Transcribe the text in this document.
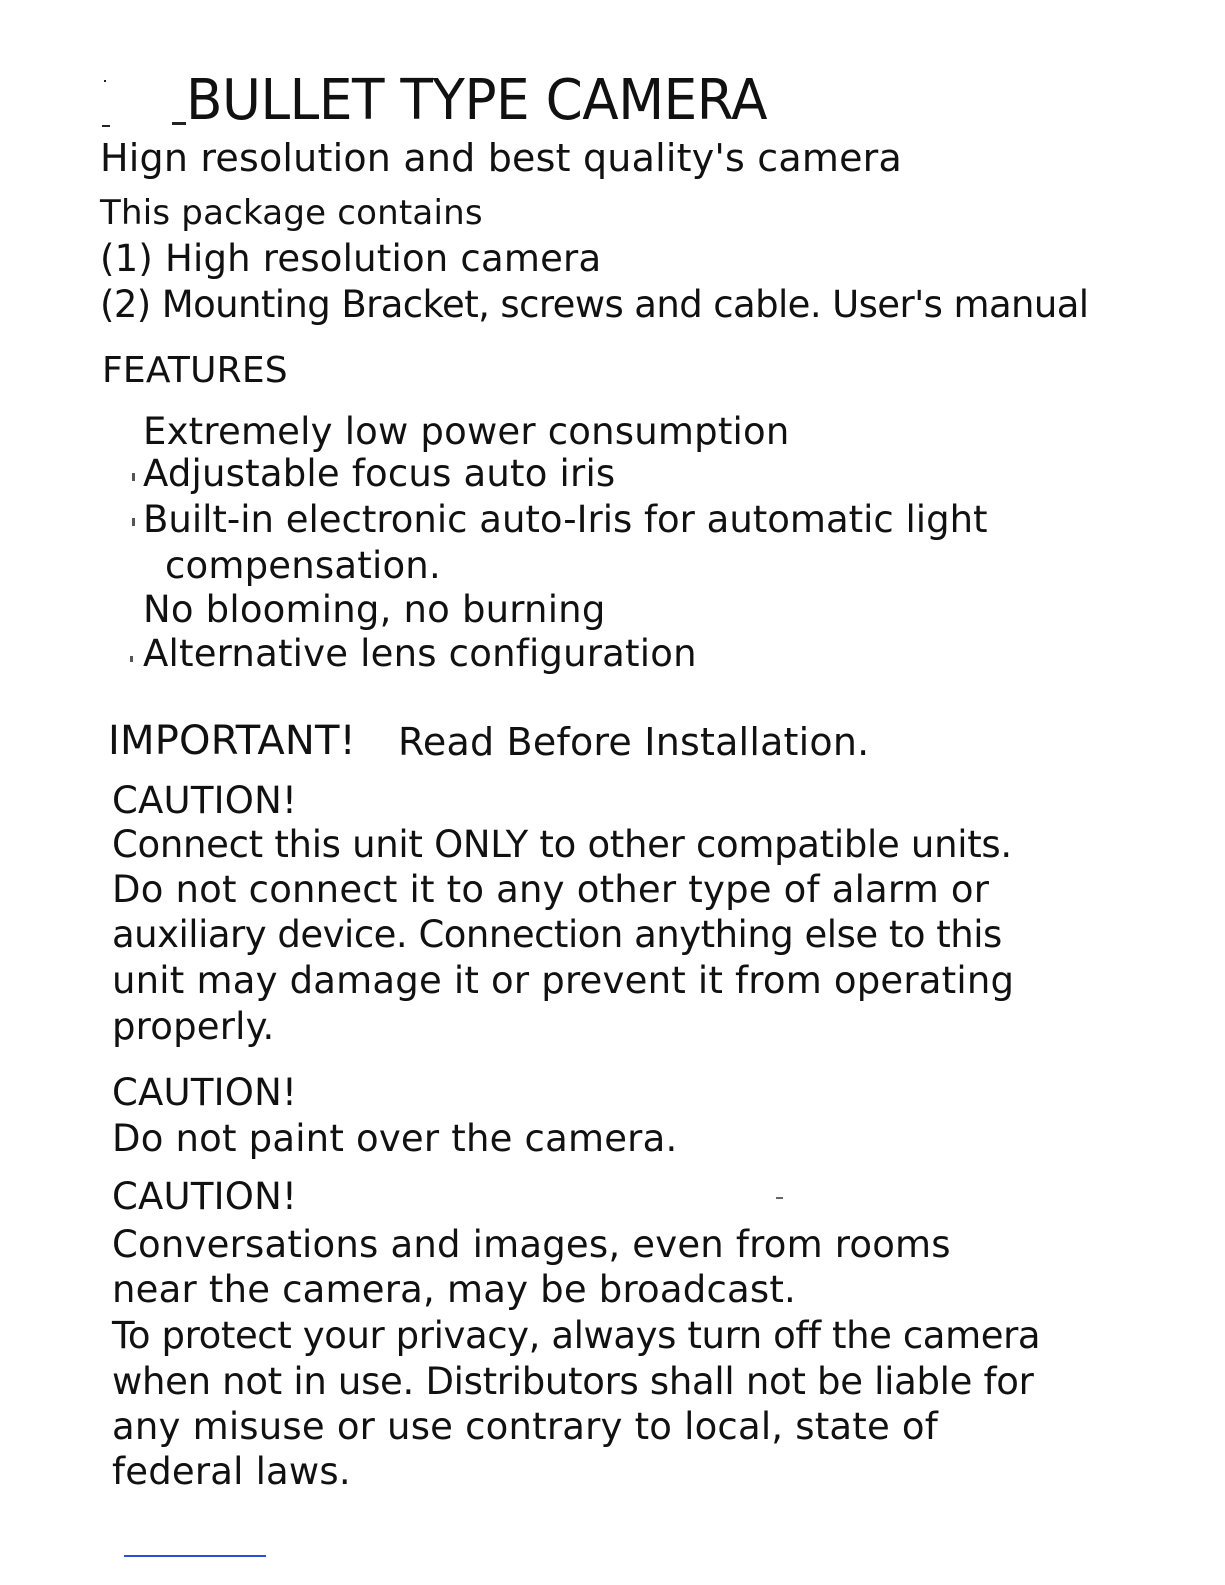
BULLET TYPE CAMERA
Hign resolution and best quality's camera
This package contains
(1) High resolution camera
(2) Mounting Bracket, screws and cable. User's manual
FEATURES
Extremely low power consumption
Adjustable focus auto iris
Built-in electronic auto-Iris for automatic light
compensation.
No blooming, no burning
Alternative lens configuration
IMPORTANT! Read Before Installation.
CAUTION!
Connect this unit ONLY to other compatible units.
Do not connect it to any other type of alarm or
auxiliary device. Connection anything else to this
unit may damage it or prevent it from operating
properly.
CAUTION!
Do not paint over the camera.
CAUTION!
Conversations and images, even from rooms
near the camera, may be broadcast.
To protect your privacy, always turn off the camera
when not in use. Distributors shall not be liable for
any misuse or use contrary to local, state of
federal laws.
